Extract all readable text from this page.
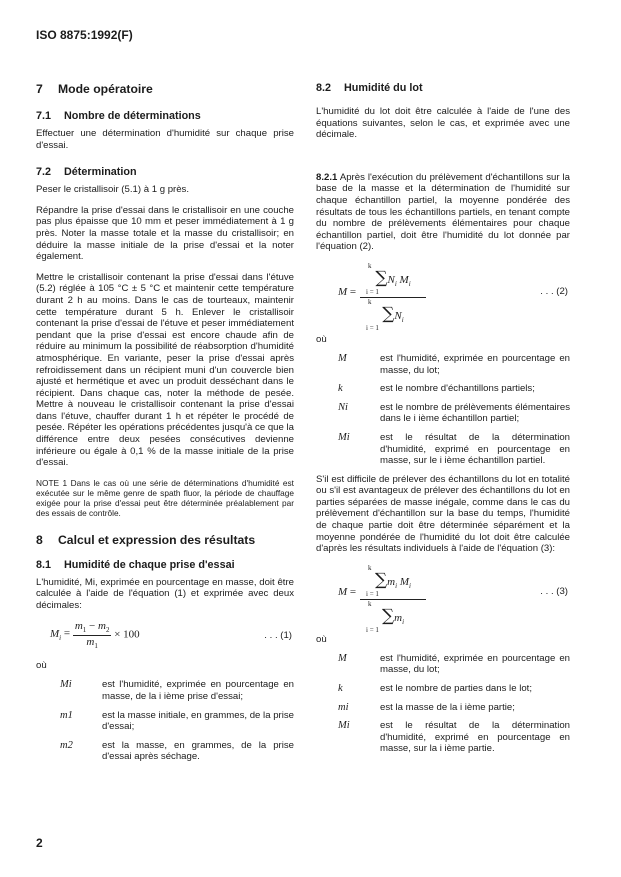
ISO 8875:1992(F)
7	Mode opératoire
7.1	Nombre de déterminations
Effectuer une détermination d'humidité sur chaque prise d'essai.
7.2	Détermination
Peser le cristallisoir (5.1) à 1 g près.
Répandre la prise d'essai dans le cristallisoir en une couche pas plus épaisse que 10 mm et peser immédiatement à 1 g près. Noter la masse totale et la masse du cristallisoir; en déduire la masse initiale de la prise d'essai et la noter également.
Mettre le cristallisoir contenant la prise d'essai dans l'étuve (5.2) réglée à 105 °C ± 5 °C et maintenir cette température durant 2 h au moins. Dans le cas de tourteaux, maintenir cette température durant 5 h. Enlever le cristallisoir contenant la prise d'essai de l'étuve et peser immédiatement pendant que la prise d'essai est encore chaude afin de réduire au minimum la possibilité de réabsorption d'humidité atmosphérique. En variante, peser la prise d'essai après refroidissement dans un récipient muni d'un couvercle bien ajusté et hermétique et avec un produit desséchant dans le récipient. Dans chaque cas, noter la méthode de pesée. Mettre à nouveau le cristallisoir contenant la prise d'essai dans l'étuve, chauffer durant 1 h et répéter le procédé de pesée. Répéter les opérations précédentes jusqu'à ce que la différence entre deux pesées consécutives devienne inférieure ou égale à 0,1 % de la masse initiale de la prise d'essai.
NOTE 1 Dans le cas où une série de déterminations d'humidité est exécutée sur le même genre de spath fluor, la période de chauffage exigée pour la prise d'essai peut être déterminée préalablement par des essais de contrôle.
8	Calcul et expression des résultats
8.1	Humidité de chaque prise d'essai
L'humidité, Mi, exprimée en pourcentage en masse, doit être calculée à l'aide de l'équation (1) et exprimée avec deux décimales:
$M_i = \frac{m_1 - m_2}{m_1} \times 100$	. . . (1)
où
Mi	est l'humidité, exprimée en pourcentage en masse, de la i ième prise d'essai;
m1	est la masse initiale, en grammes, de la prise d'essai;
m2	est la masse, en grammes, de la prise d'essai après séchage.
8.2	Humidité du lot
L'humidité du lot doit être calculée à l'aide de l'une des équations suivantes, selon le cas, et exprimée avec une décimale.
8.2.1 Après l'exécution du prélèvement d'échantillons sur la base de la masse et la détermination de l'humidité sur chaque échantillon partiel, la moyenne pondérée des résultats de tous les échantillons partiels, en tenant compte du nombre de prélèvements élémentaires pour chaque échantillon partiel, doit être l'humidité du lot donnée par l'équation (2).
M =
k
$\sum N_i$ $M_i$
i = 1
k
$\sum N_i$
i = 1
. . . (2)
où
M	est l'humidité, exprimée en pourcentage en masse, du lot;
k	est le nombre d'échantillons partiels;
Ni	est le nombre de prélèvements élémentaires dans le i ième échantillon partiel;
Mi	est le résultat de la détermination d'humidité, exprimé en pourcentage en masse, sur le i ième échantillon partiel.
S'il est difficile de prélever des échantillons du lot en totalité ou s'il est avantageux de prélever des échantillons du lot en parties séparées de masse inégale, comme dans le cas du prélèvement d'échantillon sur la base du temps, l'humidité de chaque partie doit être déterminée séparément et la moyenne pondérée de l'humidité du lot doit être calculée d'après les résultats individuels à l'aide de l'équation (3):
M =
k
$\sum m_i$ $M_i$
i = 1
k
$\sum m_i$
i = 1
. . . (3)
où
M	est l'humidité, exprimée en pourcentage en masse, du lot;
k	est le nombre de parties dans le lot;
mi	est la masse de la i ième partie;
Mi	est le résultat de la détermination d'humidité, exprimé en pourcentage en masse, sur la i ième partie.
2
